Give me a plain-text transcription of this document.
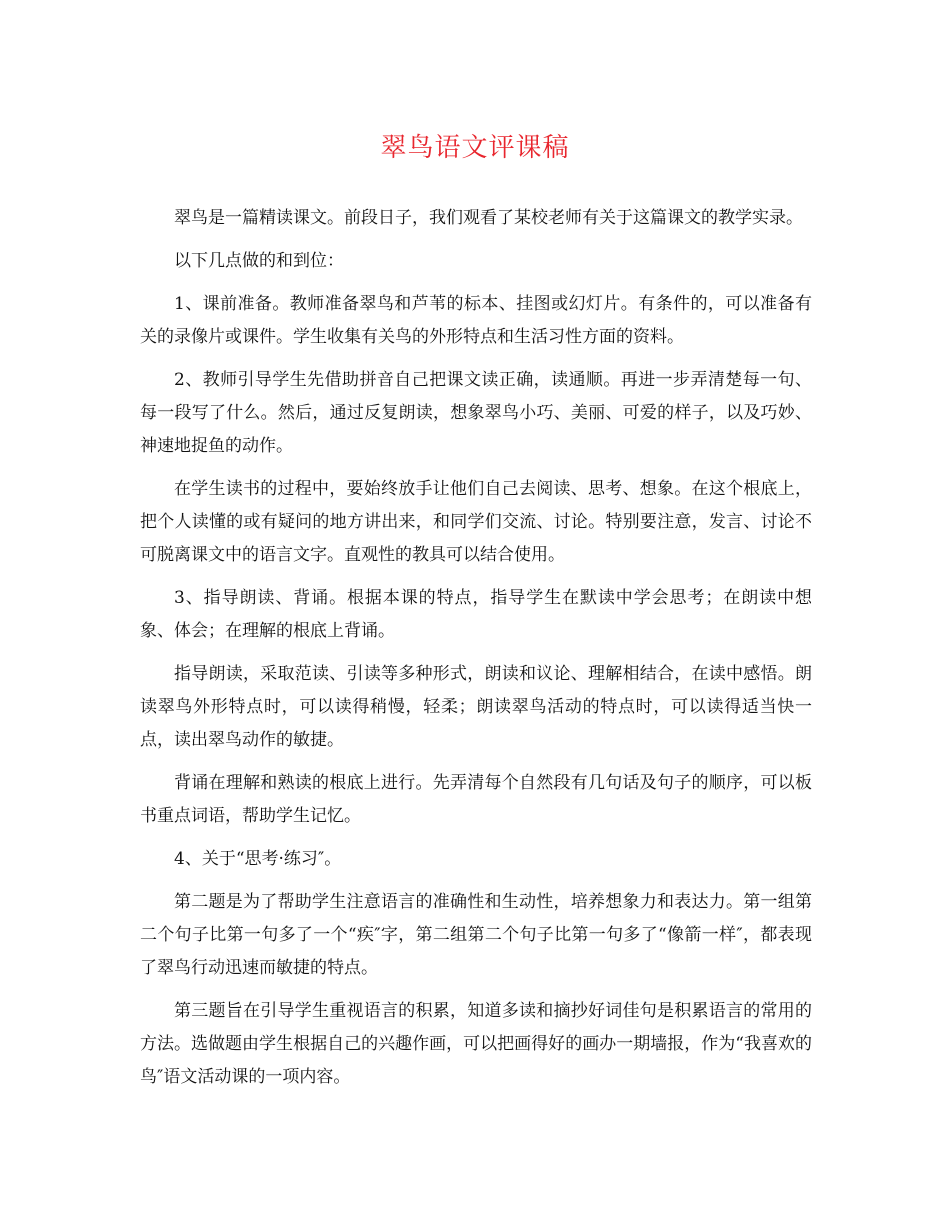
翠鸟语文评课稿

翠鸟是一篇精读课文。前段日子，我们观看了某校老师有关于这篇课文的教学实录。

以下几点做的和到位：

1、课前准备。教师准备翠鸟和芦苇的标本、挂图或幻灯片。有条件的，可以准备有关的录像片或课件。学生收集有关鸟的外形特点和生活习性方面的资料。

2、教师引导学生先借助拼音自己把课文读正确，读通顺。再进一步弄清楚每一句、每一段写了什么。然后，通过反复朗读，想象翠鸟小巧、美丽、可爱的样子，以及巧妙、神速地捉鱼的动作。

在学生读书的过程中，要始终放手让他们自己去阅读、思考、想象。在这个根底上，把个人读懂的或有疑问的地方讲出来，和同学们交流、讨论。特别要注意，发言、讨论不可脱离课文中的语言文字。直观性的教具可以结合使用。

3、指导朗读、背诵。根据本课的特点，指导学生在默读中学会思考；在朗读中想象、体会；在理解的根底上背诵。

指导朗读，采取范读、引读等多种形式，朗读和议论、理解相结合，在读中感悟。朗读翠鸟外形特点时，可以读得稍慢，轻柔；朗读翠鸟活动的特点时，可以读得适当快一点，读出翠鸟动作的敏捷。

背诵在理解和熟读的根底上进行。先弄清每个自然段有几句话及句子的顺序，可以板书重点词语，帮助学生记忆。

4、关于“思考·练习″。

第二题是为了帮助学生注意语言的准确性和生动性，培养想象力和表达力。第一组第二个句子比第一句多了一个“疾″字，第二组第二个句子比第一句多了“像箭一样″，都表现了翠鸟行动迅速而敏捷的特点。

第三题旨在引导学生重视语言的积累，知道多读和摘抄好词佳句是积累语言的常用的方法。选做题由学生根据自己的兴趣作画，可以把画得好的画办一期墙报，作为“我喜欢的鸟″语文活动课的一项内容。
